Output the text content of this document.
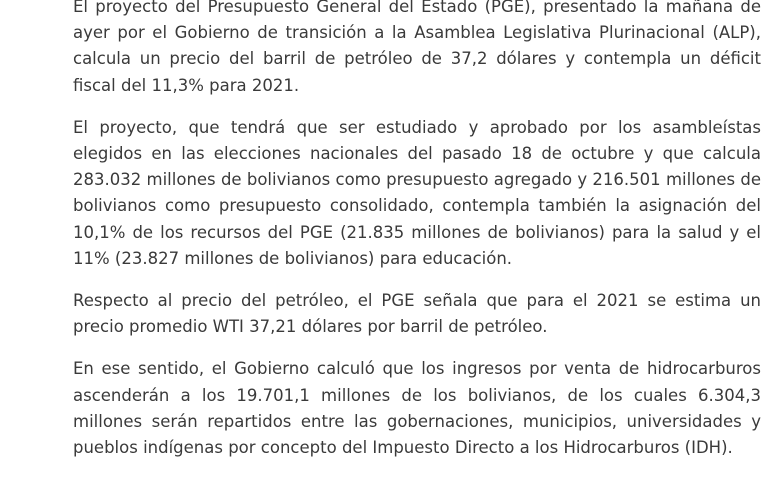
El proyecto del Presupuesto General del Estado (PGE), presentado la mañana de ayer por el Gobierno de transición a la Asamblea Legislativa Plurinacional (ALP), calcula un precio del barril de petróleo de 37,2 dólares y contempla un déficit fiscal del 11,3% para 2021.

El proyecto, que tendrá que ser estudiado y aprobado por los asambleístas elegidos en las elecciones nacionales del pasado 18 de octubre y que calcula 283.032 millones de bolivianos como presupuesto agregado y 216.501 millones de bolivianos como presupuesto consolidado, contempla también la asignación del 10,1% de los recursos del PGE (21.835 millones de bolivianos) para la salud y el 11% (23.827 millones de bolivianos) para educación.

Respecto al precio del petróleo, el PGE señala que para el 2021 se estima un precio promedio WTI 37,21 dólares por barril de petróleo.

En ese sentido, el Gobierno calculó que los ingresos por venta de hidrocarburos ascenderán a los 19.701,1 millones de los bolivianos, de los cuales 6.304,3 millones serán repartidos entre las gobernaciones, municipios, universidades y pueblos indígenas por concepto del Impuesto Directo a los Hidrocarburos (IDH).
